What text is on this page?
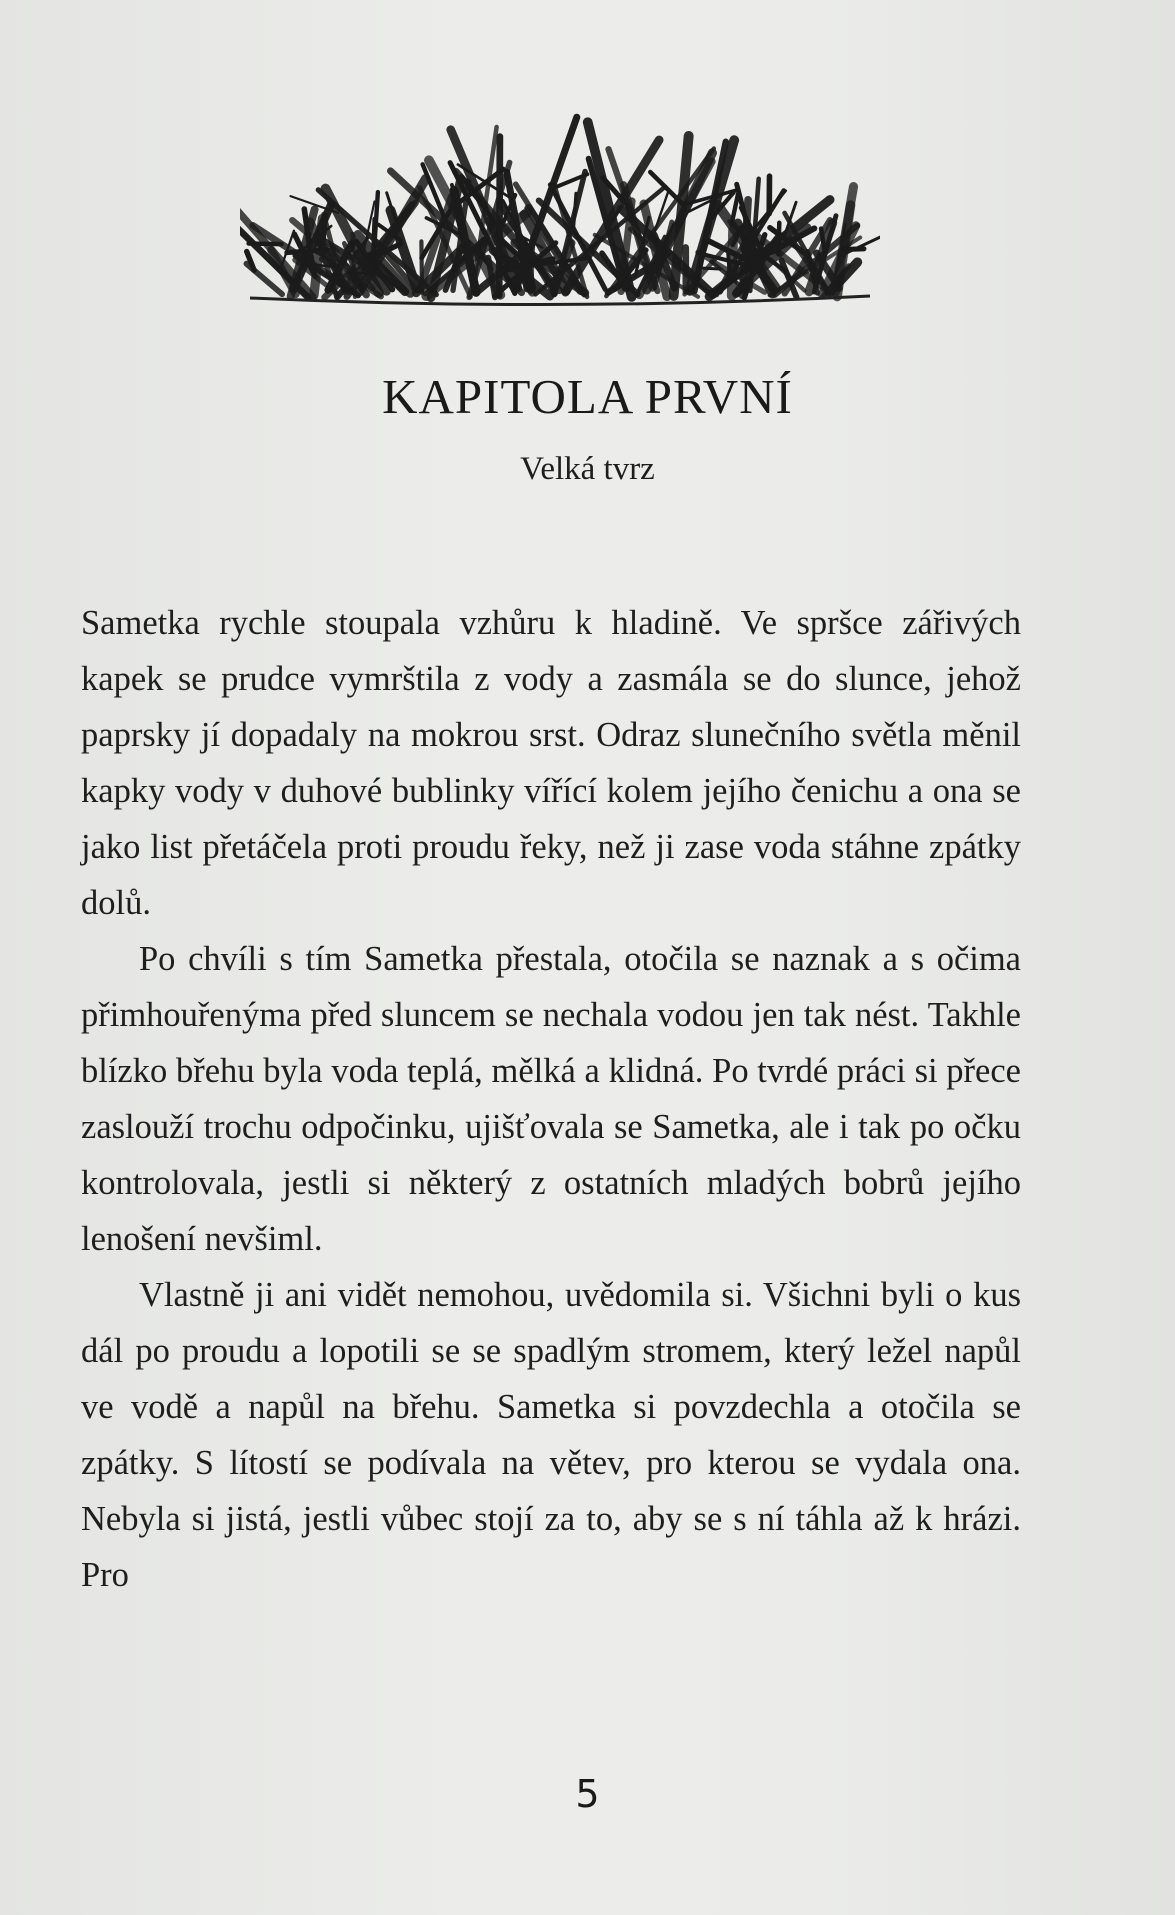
KAPITOLA PRVNÍ
Velká tvrz

Sametka rychle stoupala vzhůru k hladině. Ve spršce zářivých kapek se prudce vymrštila z vody a zasmála se do slunce, jehož paprsky jí dopadaly na mokrou srst. Odraz slunečního světla měnil kapky vody v duhové bublinky vířící kolem jejího čenichu a ona se jako list přetáčela proti proudu řeky, než ji zase voda stáhne zpátky dolů.

Po chvíli s tím Sametka přestala, otočila se naznak a s očima přimhouřenýma před sluncem se nechala vodou jen tak nést. Takhle blízko břehu byla voda teplá, mělká a klidná. Po tvrdé práci si přece zaslouží trochu odpočinku, ujišťovala se Sametka, ale i tak po očku kontrolovala, jestli si některý z ostatních mladých bobrů jejího lenošení nevšiml.

Vlastně ji ani vidět nemohou, uvědomila si. Všichni byli o kus dál po proudu a lopotili se se spadlým stromem, který ležel napůl ve vodě a napůl na břehu. Sametka si povzdechla a otočila se zpátky. S lítostí se podívala na větev, pro kterou se vydala ona. Nebyla si jistá, jestli vůbec stojí za to, aby se s ní táhla až k hrázi. Pro

5
